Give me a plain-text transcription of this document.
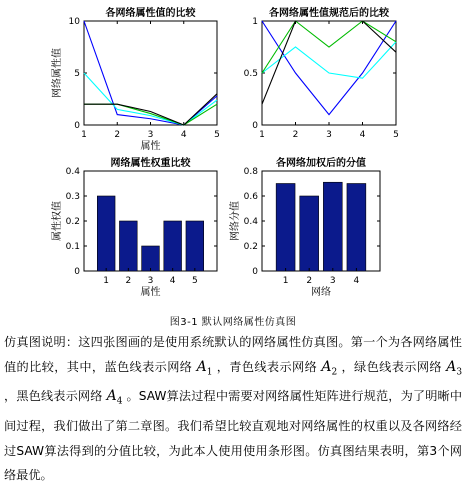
各网络属性值的比较
网络属性值
属性
0
5
10
1	2	3	4	5
各网络属性值规范后的比较
0
0.5
1
1	2	3	4	5
网络属性权重比较
属性权值
属性
0
0.1
0.2
0.3
0.4
1 2 3 4 5
各网络加权后的分值
网络分值
网络
0
0.2
0.4
0.6
0.8
1 2 3 4
图3-1 默认网络属性仿真图
仿真图说明：这四张图画的是使用系统默认的网络属性仿真图。第一个为各网络属性值的比较，其中，蓝色线表示网络 $A_1$ ，青色线表示网络 $A_2$ ，绿色线表示网络 $A_3$ ，黑色线表示网络 $A_4$ 。SAW算法过程中需要对网络属性矩阵进行规范，为了明晰中间过程，我们做出了第二章图。我们希望比较直观地对网络属性的权重以及各网络经过SAW算法得到的分值比较，为此本人使用使用条形图。仿真图结果表明，第3个网络最优。
